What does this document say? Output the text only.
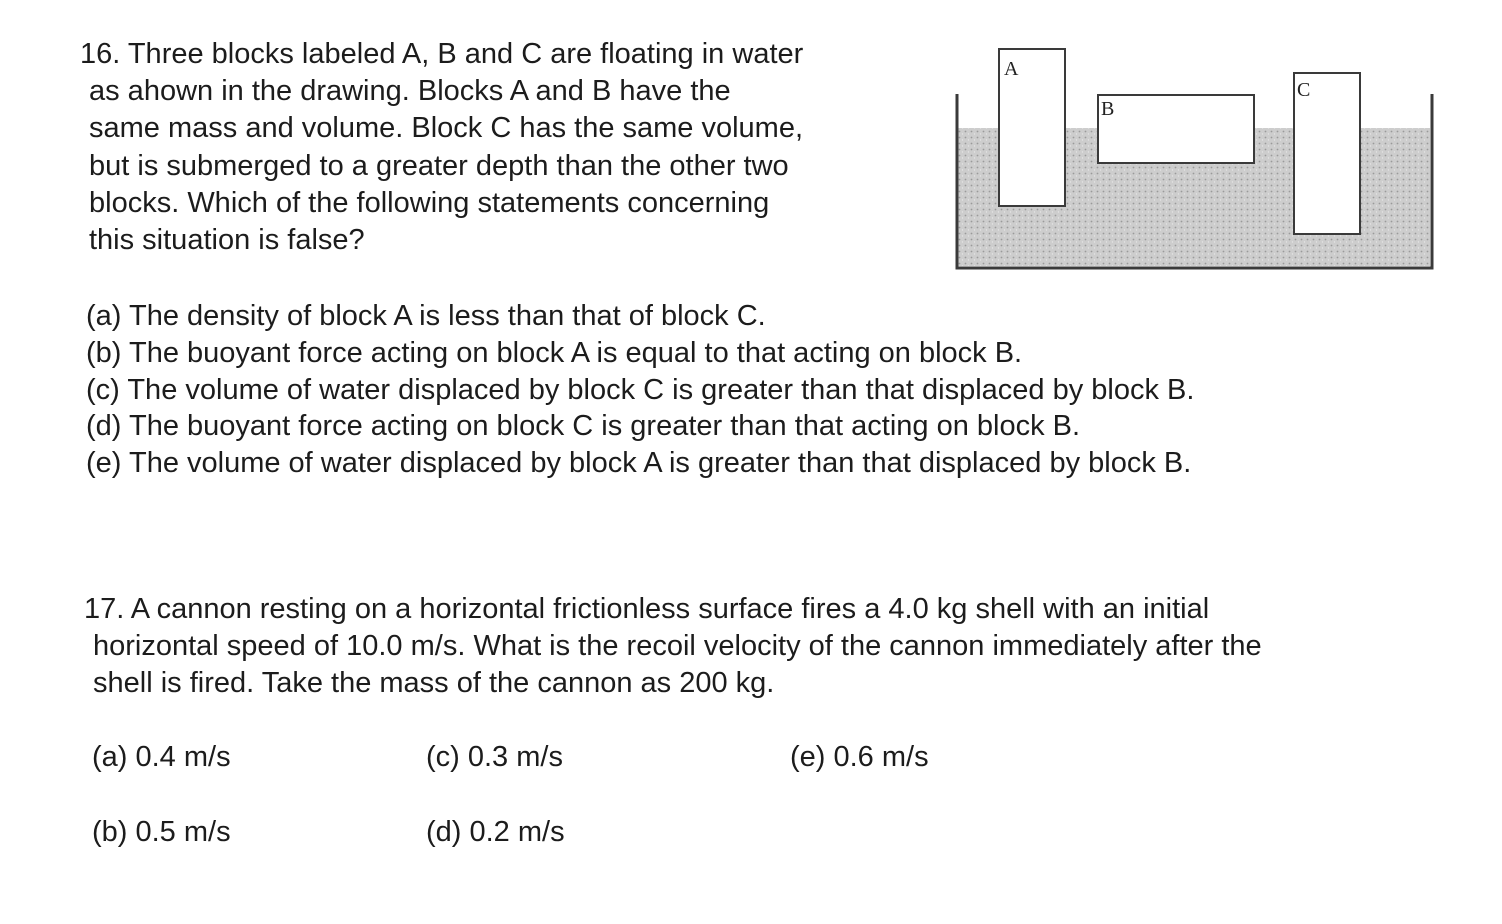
16. Three blocks labeled A, B and C are floating in water
as ahown in the drawing. Blocks A and B have the
same mass and volume. Block C has the same volume,
but is submerged to a greater depth than the other two
blocks. Which of the following statements concerning
this situation is false?
A
B
C
(a) The density of block A is less than that of block C.
(b) The buoyant force acting on block A is equal to that acting on block B.
(c) The volume of water displaced by block C is greater than that displaced by block B.
(d) The buoyant force acting on block C is greater than that acting on block B.
(e) The volume of water displaced by block A is greater than that displaced by block B.
17. A cannon resting on a horizontal frictionless surface fires a 4.0 kg shell with an initial
horizontal speed of 10.0 m/s. What is the recoil velocity of the cannon immediately after the
shell is fired. Take the mass of the cannon as 200 kg.
(a) 0.4 m/s
(b) 0.5 m/s
(c) 0.3 m/s
(d) 0.2 m/s
(e) 0.6 m/s
